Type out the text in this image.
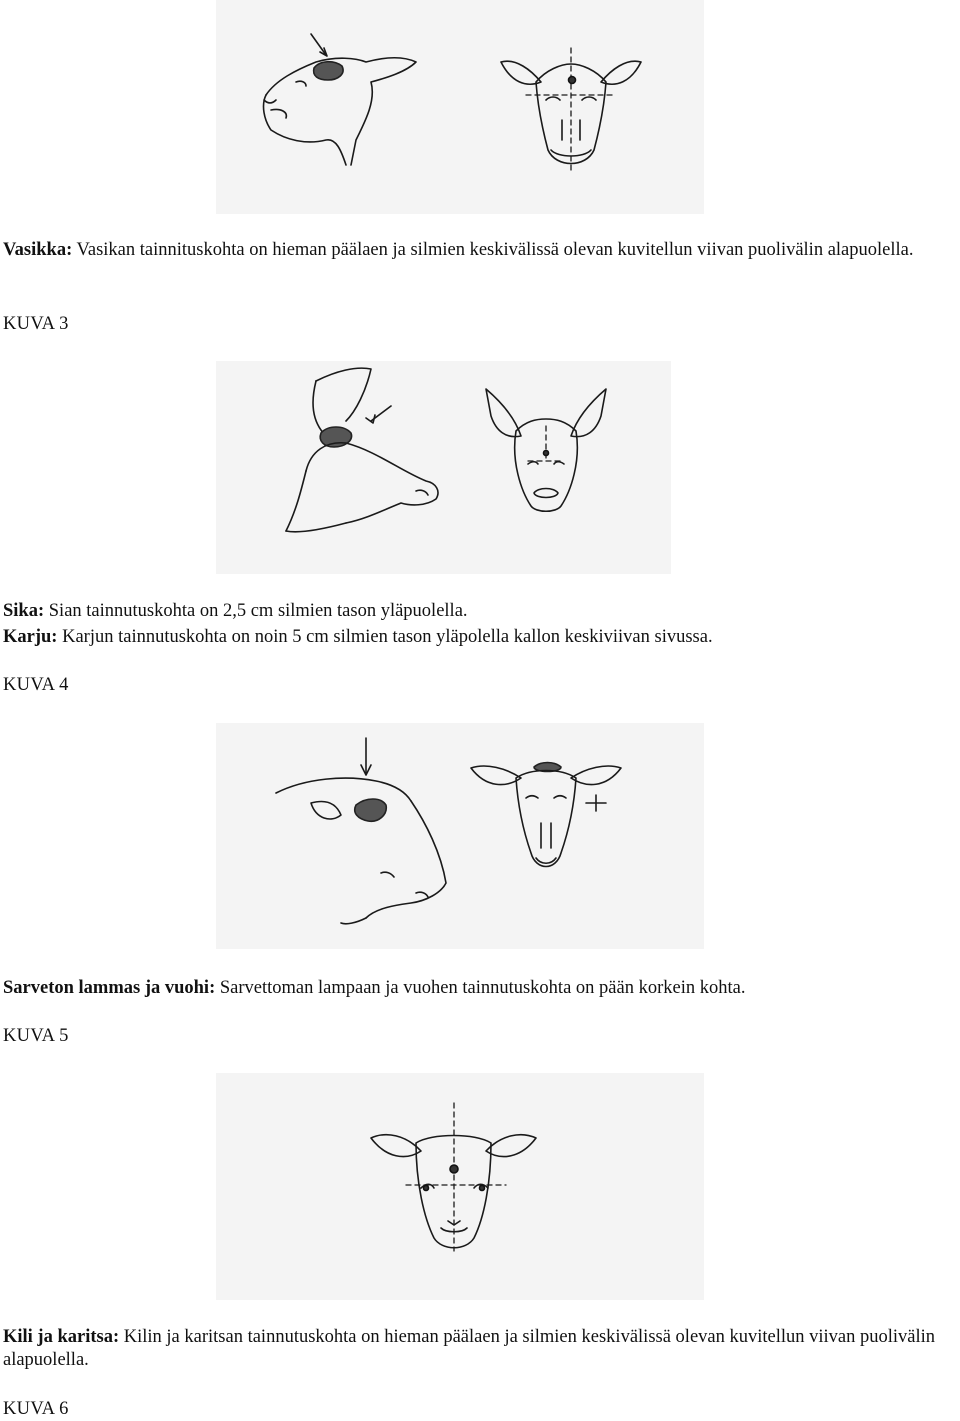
Vasikka: Vasikan tainnituskohta on hieman päälaen ja silmien keskivälissä olevan kuvitellun viivan puolivälin alapuolella.

KUVA 3

Sika: Sian tainnutuskohta on 2,5 cm silmien tason yläpuolella.

Karju: Karjun tainnutuskohta on noin 5 cm silmien tason yläpolella kallon keskiviivan sivussa.

KUVA 4

Sarveton lammas ja vuohi: Sarvettoman lampaan ja vuohen tainnutuskohta on pään korkein kohta.

KUVA 5

Kili ja karitsa: Kilin ja karitsan tainnutuskohta on hieman päälaen ja silmien keskivälissä olevan kuvitellun viivan puolivälin alapuolella.

KUVA 6
